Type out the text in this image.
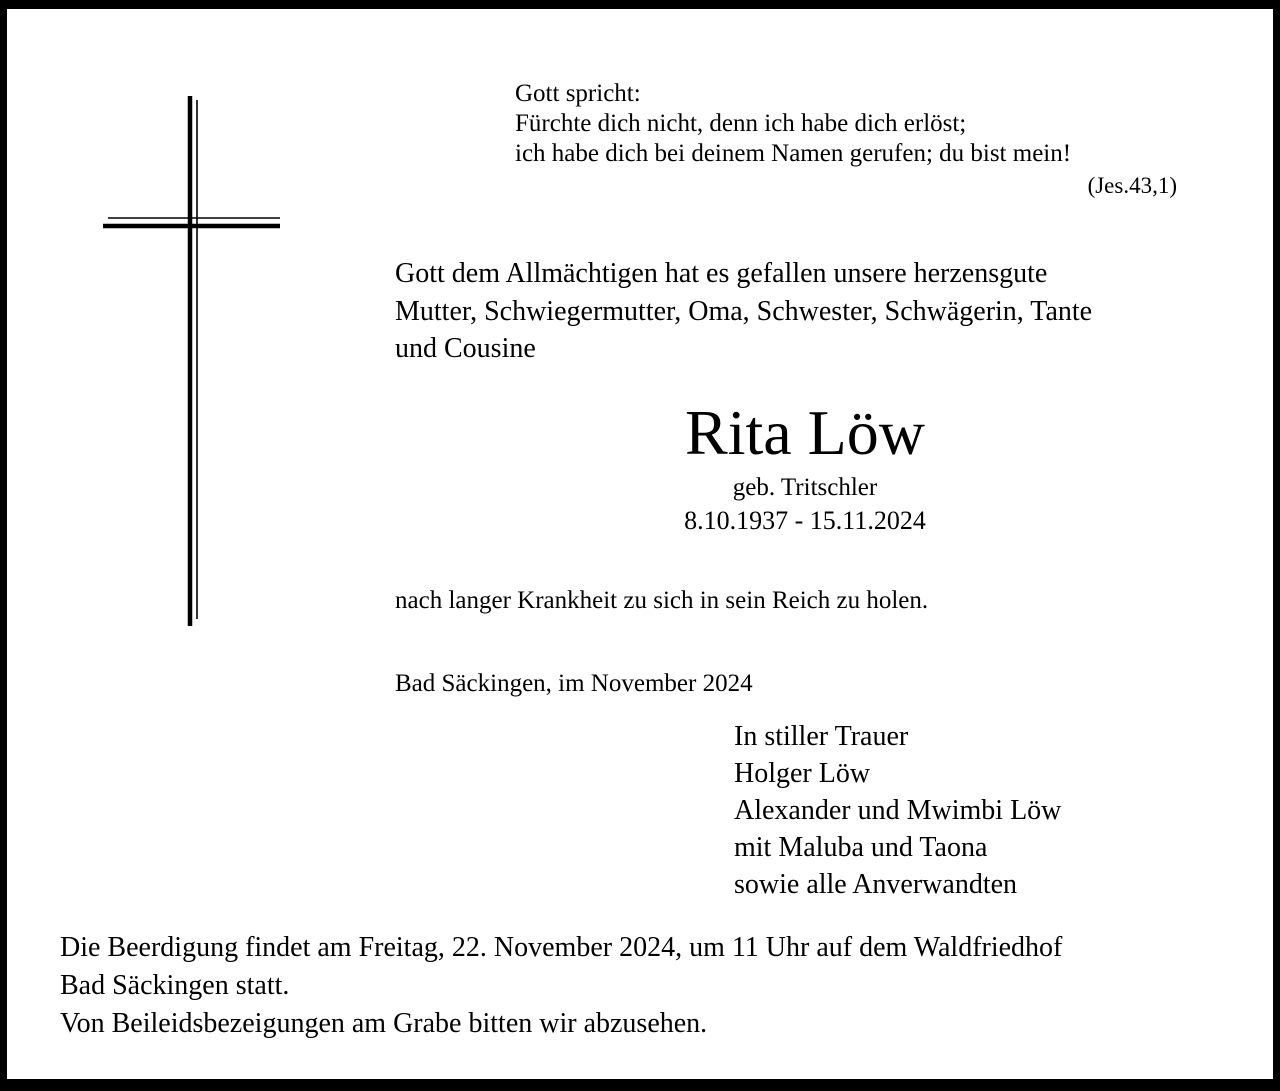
Gott spricht:
Fürchte dich nicht, denn ich habe dich erlöst;
ich habe dich bei deinem Namen gerufen; du bist mein!
(Jes.43,1)
Gott dem Allmächtigen hat es gefallen unsere herzensgute
Mutter, Schwiegermutter, Oma, Schwester, Schwägerin, Tante
und Cousine
Rita Löw
geb. Tritschler
8.10.1937 - 15.11.2024
nach langer Krankheit zu sich in sein Reich zu holen.
Bad Säckingen, im November 2024
In stiller Trauer
Holger Löw
Alexander und Mwimbi Löw
mit Maluba und Taona
sowie alle Anverwandten
Die Beerdigung findet am Freitag, 22. November 2024, um 11 Uhr auf dem Waldfriedhof
Bad Säckingen statt.
Von Beileidsbezeigungen am Grabe bitten wir abzusehen.
